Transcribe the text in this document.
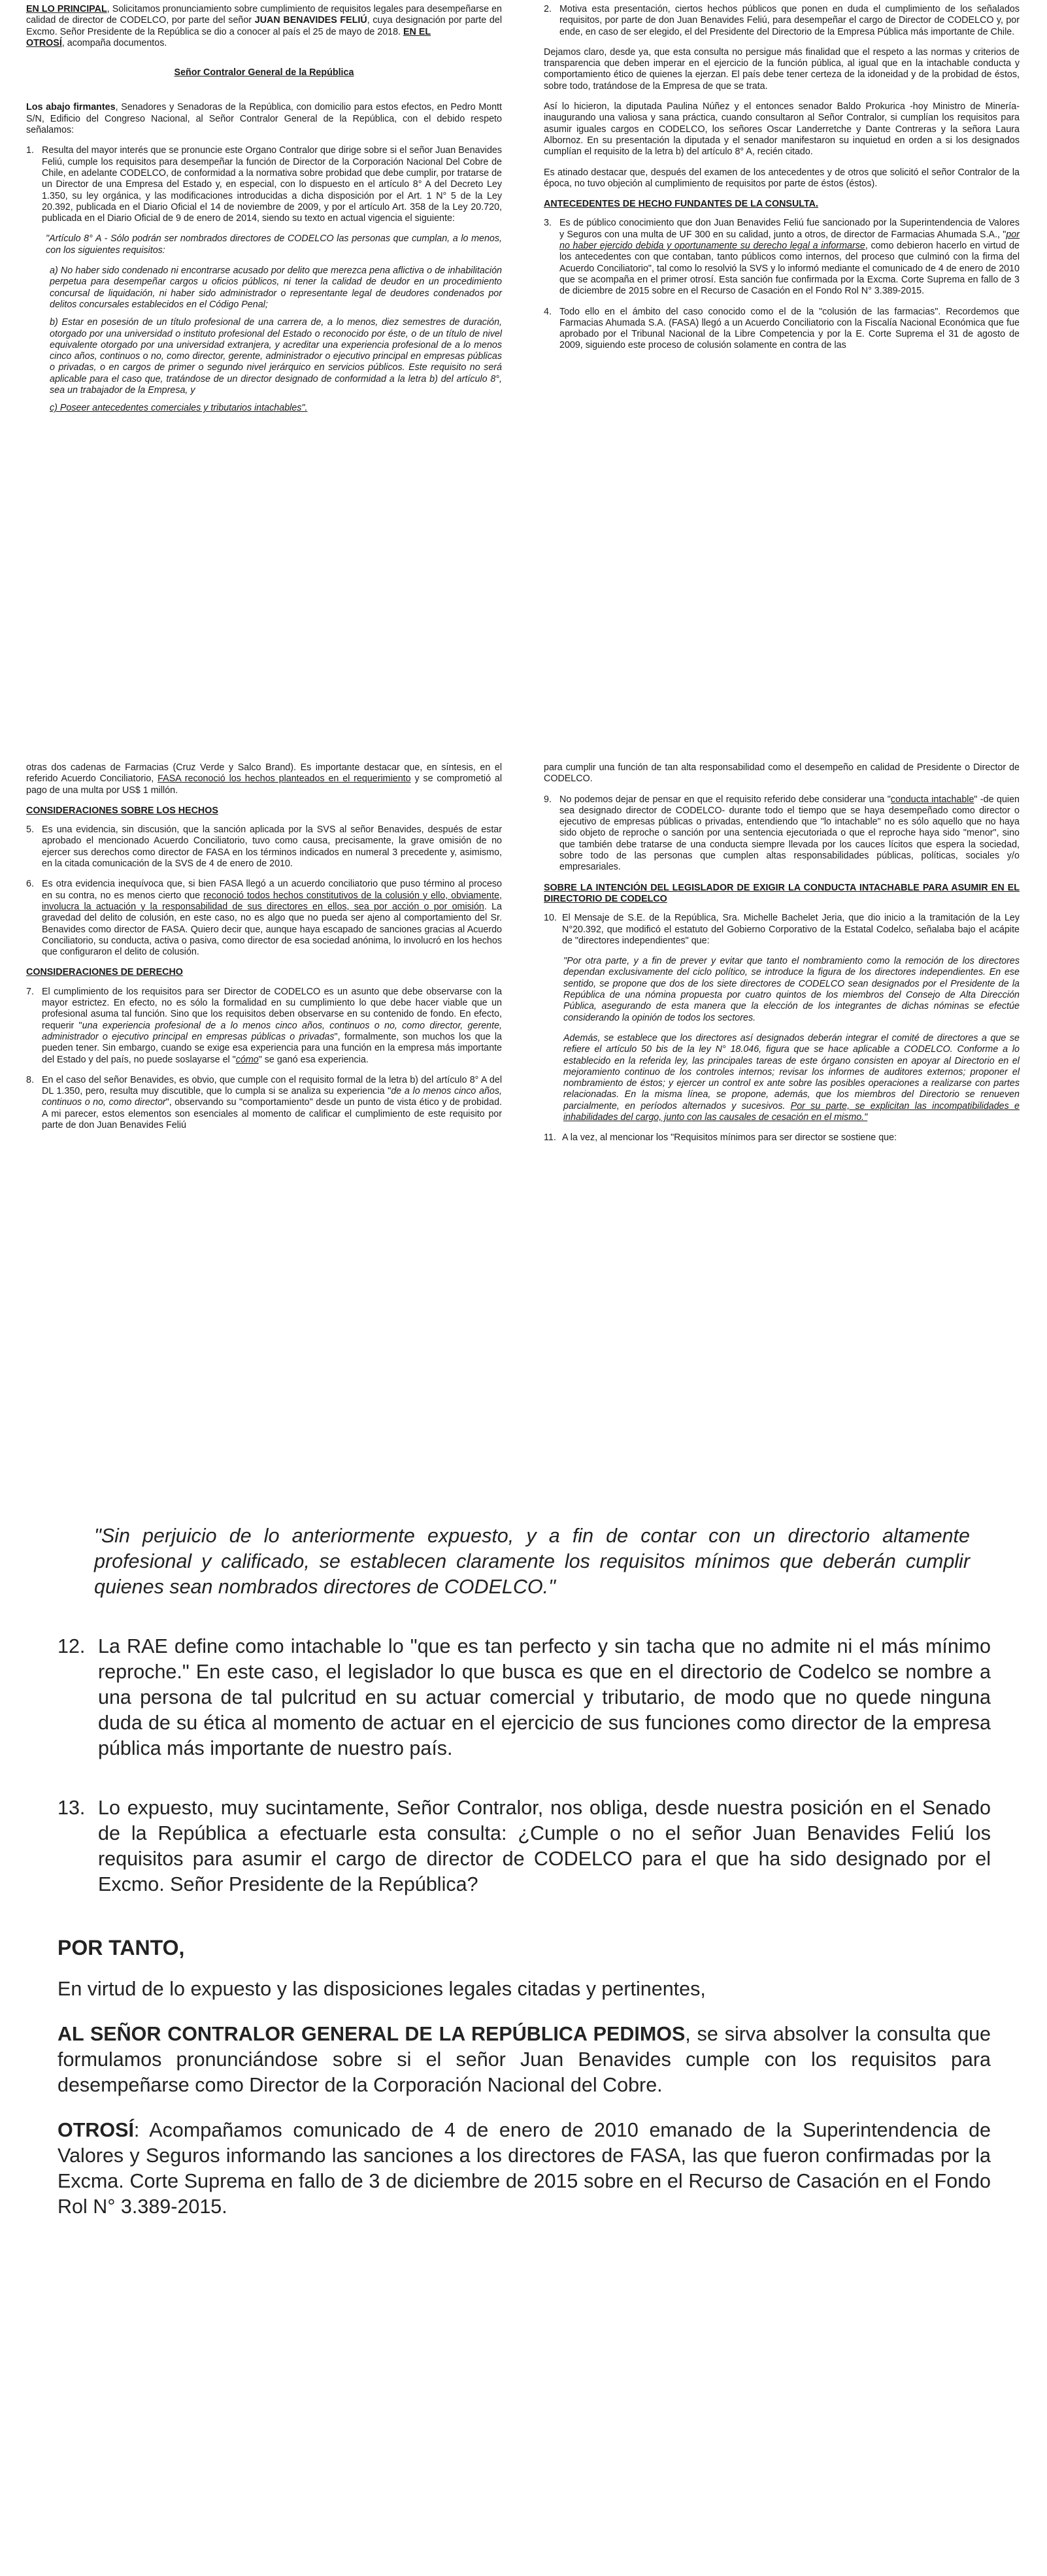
EN LO PRINCIPAL, Solicitamos pronunciamiento sobre cumplimiento de requisitos legales para desempeñarse en calidad de director de CODELCO, por parte del señor JUAN BENAVIDES FELIÚ, cuya designación por parte del Excmo. Señor Presidente de la República se dio a conocer al país el 25 de mayo de 2018. EN EL
OTROSÍ, acompaña documentos.

Señor Contralor General de la República

Los abajo firmantes, Senadores y Senadoras de la República, con domicilio para estos efectos, en Pedro Montt S/N, Edificio del Congreso Nacional, al Señor Contralor General de la República, con el debido respeto señalamos:

1. Resulta del mayor interés que se pronuncie este Organo Contralor que dirige sobre si el señor Juan Benavides Feliú, cumple los requisitos para desempeñar la función de Director de la Corporación Nacional Del Cobre de Chile, en adelante CODELCO, de conformidad a la normativa sobre probidad que debe cumplir, por tratarse de un Director de una Empresa del Estado y, en especial, con lo dispuesto en el artículo 8° A del Decreto Ley 1.350, su ley orgánica, y las modificaciones introducidas a dicha disposición por el Art. 1 N° 5 de la Ley 20.392, publicada en el Diario Oficial el 14 de noviembre de 2009, y por el artículo Art. 358 de la Ley 20.720, publicada en el Diario Oficial de 9 de enero de 2014, siendo su texto en actual vigencia el siguiente:

"Artículo 8° A - Sólo podrán ser nombrados directores de CODELCO las personas que cumplan, a lo menos, con los siguientes requisitos:

a) No haber sido condenado ni encontrarse acusado por delito que merezca pena aflictiva o de inhabilitación perpetua para desempeñar cargos u oficios públicos, ni tener la calidad de deudor en un procedimiento concursal de liquidación, ni haber sido administrador o representante legal de deudores condenados por delitos concursales establecidos en el Código Penal;

b) Estar en posesión de un título profesional de una carrera de, a lo menos, diez semestres de duración, otorgado por una universidad o instituto profesional del Estado o reconocido por éste, o de un título de nivel equivalente otorgado por una universidad extranjera, y acreditar una experiencia profesional de a lo menos cinco años, continuos o no, como director, gerente, administrador o ejecutivo principal en empresas públicas o privadas, o en cargos de primer o segundo nivel jerárquico en servicios públicos. Este requisito no será aplicable para el caso que, tratándose de un director designado de conformidad a la letra b) del artículo 8°, sea un trabajador de la Empresa, y

c) Poseer antecedentes comerciales y tributarios intachables".

2. Motiva esta presentación, ciertos hechos públicos que ponen en duda el cumplimiento de los señalados requisitos, por parte de don Juan Benavides Feliú, para desempeñar el cargo de Director de CODELCO y, por ende, en caso de ser elegido, el del Presidente del Directorio de la Empresa Pública más importante de Chile.

Dejamos claro, desde ya, que esta consulta no persigue más finalidad que el respeto a las normas y criterios de transparencia que deben imperar en el ejercicio de la función pública, al igual que en la intachable conducta y comportamiento ético de quienes la ejerzan. El país debe tener certeza de la idoneidad y de la probidad de éstos, sobre todo, tratándose de la Empresa de que se trata.

Así lo hicieron, la diputada Paulina Núñez y el entonces senador Baldo Prokurica -hoy Ministro de Minería- inaugurando una valiosa y sana práctica, cuando consultaron al Señor Contralor, si cumplían los requisitos para asumir iguales cargos en CODELCO, los señores Oscar Landerretche y Dante Contreras y la señora Laura Albornoz. En su presentación la diputada y el senador manifestaron su inquietud en orden a si los designados cumplían el requisito de la letra b) del artículo 8° A, recién citado.

Es atinado destacar que, después del examen de los antecedentes y de otros que solicitó el señor Contralor de la época, no tuvo objeción al cumplimiento de requisitos por parte de éstos (éstos).

ANTECEDENTES DE HECHO FUNDANTES DE LA CONSULTA.
3. Es de público conocimiento que don Juan Benavides Feliú fue sancionado por la Superintendencia de Valores y Seguros con una multa de UF 300 en su calidad, junto a otros, de director de Farmacias Ahumada S.A., "por no haber ejercido debida y oportunamente su derecho legal a informarse, como debieron hacerlo en virtud de los antecedentes con que contaban, tanto públicos como internos, del proceso que culminó con la firma del Acuerdo Conciliatorio", tal como lo resolvió la SVS y lo informó mediante el comunicado de 4 de enero de 2010 que se acompaña en el primer otrosí. Esta sanción fue confirmada por la Excma. Corte Suprema en fallo de 3 de diciembre de 2015 sobre en el Recurso de Casación en el Fondo Rol N° 3.389-2015.
4. Todo ello en el ámbito del caso conocido como el de la "colusión de las farmacias". Recordemos que Farmacias Ahumada S.A. (FASA) llegó a un Acuerdo Conciliatorio con la Fiscalía Nacional Económica que fue aprobado por el Tribunal Nacional de la Libre Competencia y por la E. Corte Suprema el 31 de agosto de 2009, siguiendo este proceso de colusión solamente en contra de las

otras dos cadenas de Farmacias (Cruz Verde y Salco Brand). Es importante destacar que, en síntesis, en el referido Acuerdo Conciliatorio, FASA reconoció los hechos planteados en el requerimiento y se comprometió al pago de una multa por US$ 1 millón.

CONSIDERACIONES SOBRE LOS HECHOS
5. Es una evidencia, sin discusión, que la sanción aplicada por la SVS al señor Benavides, después de estar aprobado el mencionado Acuerdo Conciliatorio, tuvo como causa, precisamente, la grave omisión de no ejercer sus derechos como director de FASA en los términos indicados en numeral 3 precedente y, asimismo, en la citada comunicación de la SVS de 4 de enero de 2010.
6. Es otra evidencia inequívoca que, si bien FASA llegó a un acuerdo conciliatorio que puso término al proceso en su contra, no es menos cierto que reconoció todos hechos constitutivos de la colusión y ello, obviamente, involucra la actuación y la responsabilidad de sus directores en ellos, sea por acción o por omisión. La gravedad del delito de colusión, en este caso, no es algo que no pueda ser ajeno al comportamiento del Sr. Benavides como director de FASA. Quiero decir que, aunque haya escapado de sanciones gracias al Acuerdo Conciliatorio, su conducta, activa o pasiva, como director de esa sociedad anónima, lo involucró en los hechos que configuraron el delito de colusión.
CONSIDERACIONES DE DERECHO
7. El cumplimiento de los requisitos para ser Director de CODELCO es un asunto que debe observarse con la mayor estrictez. En efecto, no es sólo la formalidad en su cumplimiento lo que debe hacer viable que un profesional asuma tal función. Sino que los requisitos deben observarse en su contenido de fondo. En efecto, requerir "una experiencia profesional de a lo menos cinco años, continuos o no, como director, gerente, administrador o ejecutivo principal en empresas públicas o privadas", formalmente, son muchos los que la pueden tener. Sin embargo, cuando se exige esa experiencia para una función en la empresa más importante del Estado y del país, no puede soslayarse el "cómo" se ganó esa experiencia.
8. En el caso del señor Benavides, es obvio, que cumple con el requisito formal de la letra b) del artículo 8° A del DL 1.350, pero, resulta muy discutible, que lo cumpla si se analiza su experiencia "de a lo menos cinco años, continuos o no, como director", observando su "comportamiento" desde un punto de vista ético y de probidad. A mi parecer, estos elementos son esenciales al momento de calificar el cumplimiento de este requisito por parte de don Juan Benavides Feliú

para cumplir una función de tan alta responsabilidad como el desempeño en calidad de Presidente o Director de CODELCO.

9. No podemos dejar de pensar en que el requisito referido debe considerar una "conducta intachable" -de quien sea designado director de CODELCO- durante todo el tiempo que se haya desempeñado como director o ejecutivo de empresas públicas o privadas, entendiendo que "lo intachable" no es sólo aquello que no haya sido objeto de reproche o sanción por una sentencia ejecutoriada o que el reproche haya sido "menor", sino que también debe tratarse de una conducta siempre llevada por los cauces lícitos que espera la sociedad, sobre todo de las personas que cumplen altas responsabilidades públicas, políticas, sociales y/o empresariales.
SOBRE LA INTENCIÓN DEL LEGISLADOR DE EXIGIR LA CONDUCTA INTACHABLE PARA ASUMIR EN EL DIRECTORIO DE CODELCO
10. El Mensaje de S.E. de la República, Sra. Michelle Bachelet Jeria, que dio inicio a la tramitación de la Ley N°20.392, que modificó el estatuto del Gobierno Corporativo de la Estatal Codelco, señalaba bajo el acápite de "directores independientes" que:

"Por otra parte, y a fin de prever y evitar que tanto el nombramiento como la remoción de los directores dependan exclusivamente del ciclo político, se introduce la figura de los directores independientes. En ese sentido, se propone que dos de los siete directores de CODELCO sean designados por el Presidente de la República de una nómina propuesta por cuatro quintos de los miembros del Consejo de Alta Dirección Pública, asegurando de esta manera que la elección de los integrantes de dichas nóminas se efectúe considerando la opinión de todos los sectores.

Además, se establece que los directores así designados deberán integrar el comité de directores a que se refiere el artículo 50 bis de la ley N° 18.046, figura que se hace aplicable a CODELCO. Conforme a lo establecido en la referida ley, las principales tareas de este órgano consisten en apoyar al Directorio en el mejoramiento continuo de los controles internos; revisar los informes de auditores externos; proponer el nombramiento de éstos; y ejercer un control ex ante sobre las posibles operaciones a realizarse con partes relacionadas. En la misma línea, se propone, además, que los miembros del Directorio se renueven parcialmente, en períodos alternados y sucesivos. Por su parte, se explicitan las incompatibilidades e inhabilidades del cargo, junto con las causales de cesación en el mismo."

11. A la vez, al mencionar los "Requisitos mínimos para ser director se sostiene que:
"Sin perjuicio de lo anteriormente expuesto, y a fin de contar con un directorio altamente profesional y calificado, se establecen claramente los requisitos mínimos que deberán cumplir quienes sean nombrados directores de CODELCO."
12. La RAE define como intachable lo "que es tan perfecto y sin tacha que no admite ni el más mínimo reproche." En este caso, el legislador lo que busca es que en el directorio de Codelco se nombre a una persona de tal pulcritud en su actuar comercial y tributario, de modo que no quede ninguna duda de su ética al momento de actuar en el ejercicio de sus funciones como director de la empresa pública más importante de nuestro país.
13. Lo expuesto, muy sucintamente, Señor Contralor, nos obliga, desde nuestra posición en el Senado de la República a efectuarle esta consulta: ¿Cumple o no el señor Juan Benavides Feliú los requisitos para asumir el cargo de director de CODELCO para el que ha sido designado por el Excmo. Señor Presidente de la República?

POR TANTO,

En virtud de lo expuesto y las disposiciones legales citadas y pertinentes,

AL SEÑOR CONTRALOR GENERAL DE LA REPÚBLICA PEDIMOS, se sirva absolver la consulta que formulamos pronunciándose sobre si el señor Juan Benavides cumple con los requisitos para desempeñarse como Director de la Corporación Nacional del Cobre.

OTROSÍ: Acompañamos comunicado de 4 de enero de 2010 emanado de la Superintendencia de Valores y Seguros informando las sanciones a los directores de FASA, las que fueron confirmadas por la Excma. Corte Suprema en fallo de 3 de diciembre de 2015 sobre en el Recurso de Casación en el Fondo Rol N° 3.389-2015.
